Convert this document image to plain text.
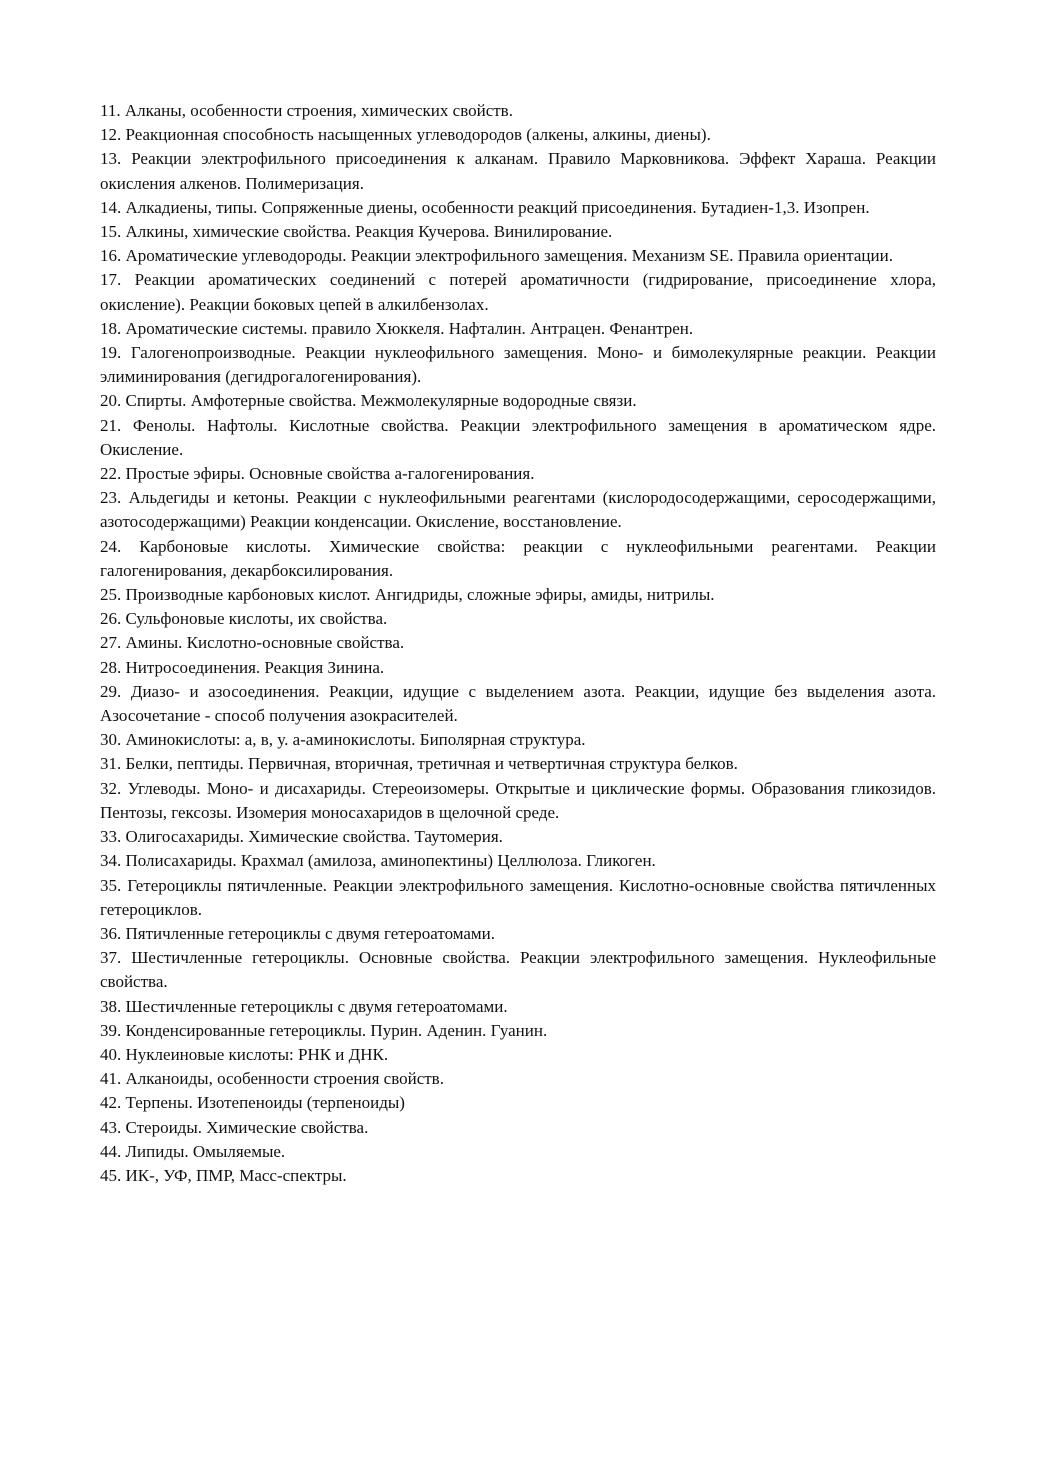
11. Алканы, особенности строения, химических свойств.

12. Реакционная способность насыщенных углеводородов (алкены, алкины, диены).

13. Реакции электрофильного присоединения к алканам. Правило Марковникова. Эффект Хараша. Реакции окисления алкенов. Полимеризация.

14. Алкадиены, типы. Сопряженные диены, особенности реакций присоединения. Бутадиен-1,3. Изопрен.

15. Алкины, химические свойства. Реакция Кучерова. Винилирование.

16. Ароматические углеводороды. Реакции электрофильного замещения. Механизм SE. Правила ориентации.

17. Реакции ароматических соединений с потерей ароматичности (гидрирование, присоединение хлора, окисление). Реакции боковых цепей в алкилбензолах.

18. Ароматические системы. правило Хюккеля. Нафталин. Антрацен. Фенантрен.

19. Галогенопроизводные. Реакции нуклеофильного замещения. Моно- и бимолекулярные реакции. Реакции элиминирования (дегидрогалогенирования).

20. Спирты. Амфотерные свойства. Межмолекулярные водородные связи.

21. Фенолы. Нафтолы. Кислотные свойства. Реакции электрофильного замещения в ароматическом ядре. Окисление.

22. Простые эфиры. Основные свойства а-галогенирования.

23. Альдегиды и кетоны. Реакции с нуклеофильными реагентами (кислородосодержащими, серосодержащими, азотосодержащими) Реакции конденсации. Окисление, восстановление.

24. Карбоновые кислоты. Химические свойства: реакции с нуклеофильными реагентами. Реакции галогенирования, декарбоксилирования.

25. Производные карбоновых кислот. Ангидриды, сложные эфиры, амиды, нитрилы.

26. Сульфоновые кислоты, их свойства.

27. Амины. Кислотно-основные свойства.

28. Нитросоединения. Реакция Зинина.

29. Диазо- и азосоединения. Реакции, идущие с выделением азота. Реакции, идущие без выделения азота. Азосочетание - способ получения азокрасителей.

30. Аминокислоты: а, в, у. а-аминокислоты. Биполярная структура.

31. Белки, пептиды. Первичная, вторичная, третичная и четвертичная структура белков.

32. Углеводы. Моно- и дисахариды. Стереоизомеры. Открытые и циклические формы. Образования гликозидов. Пентозы, гексозы. Изомерия моносахаридов в щелочной среде.

33. Олигосахариды. Химические свойства. Таутомерия.

34. Полисахариды. Крахмал (амилоза, аминопектины) Целлюлоза. Гликоген.

35. Гетероциклы пятичленные. Реакции электрофильного замещения. Кислотно-основные свойства пятичленных гетероциклов.

36. Пятичленные гетероциклы с двумя гетероатомами.

37. Шестичленные гетероциклы. Основные свойства. Реакции электрофильного замещения. Нуклеофильные свойства.

38. Шестичленные гетероциклы с двумя гетероатомами.

39. Конденсированные гетероциклы. Пурин. Аденин. Гуанин.

40. Нуклеиновые кислоты: РНК и ДНК.

41. Алканоиды, особенности строения свойств.

42. Терпены. Изотепеноиды (терпеноиды)

43. Стероиды. Химические свойства.

44. Липиды. Омыляемые.

45. ИК-, УФ, ПМР, Масс-спектры.
